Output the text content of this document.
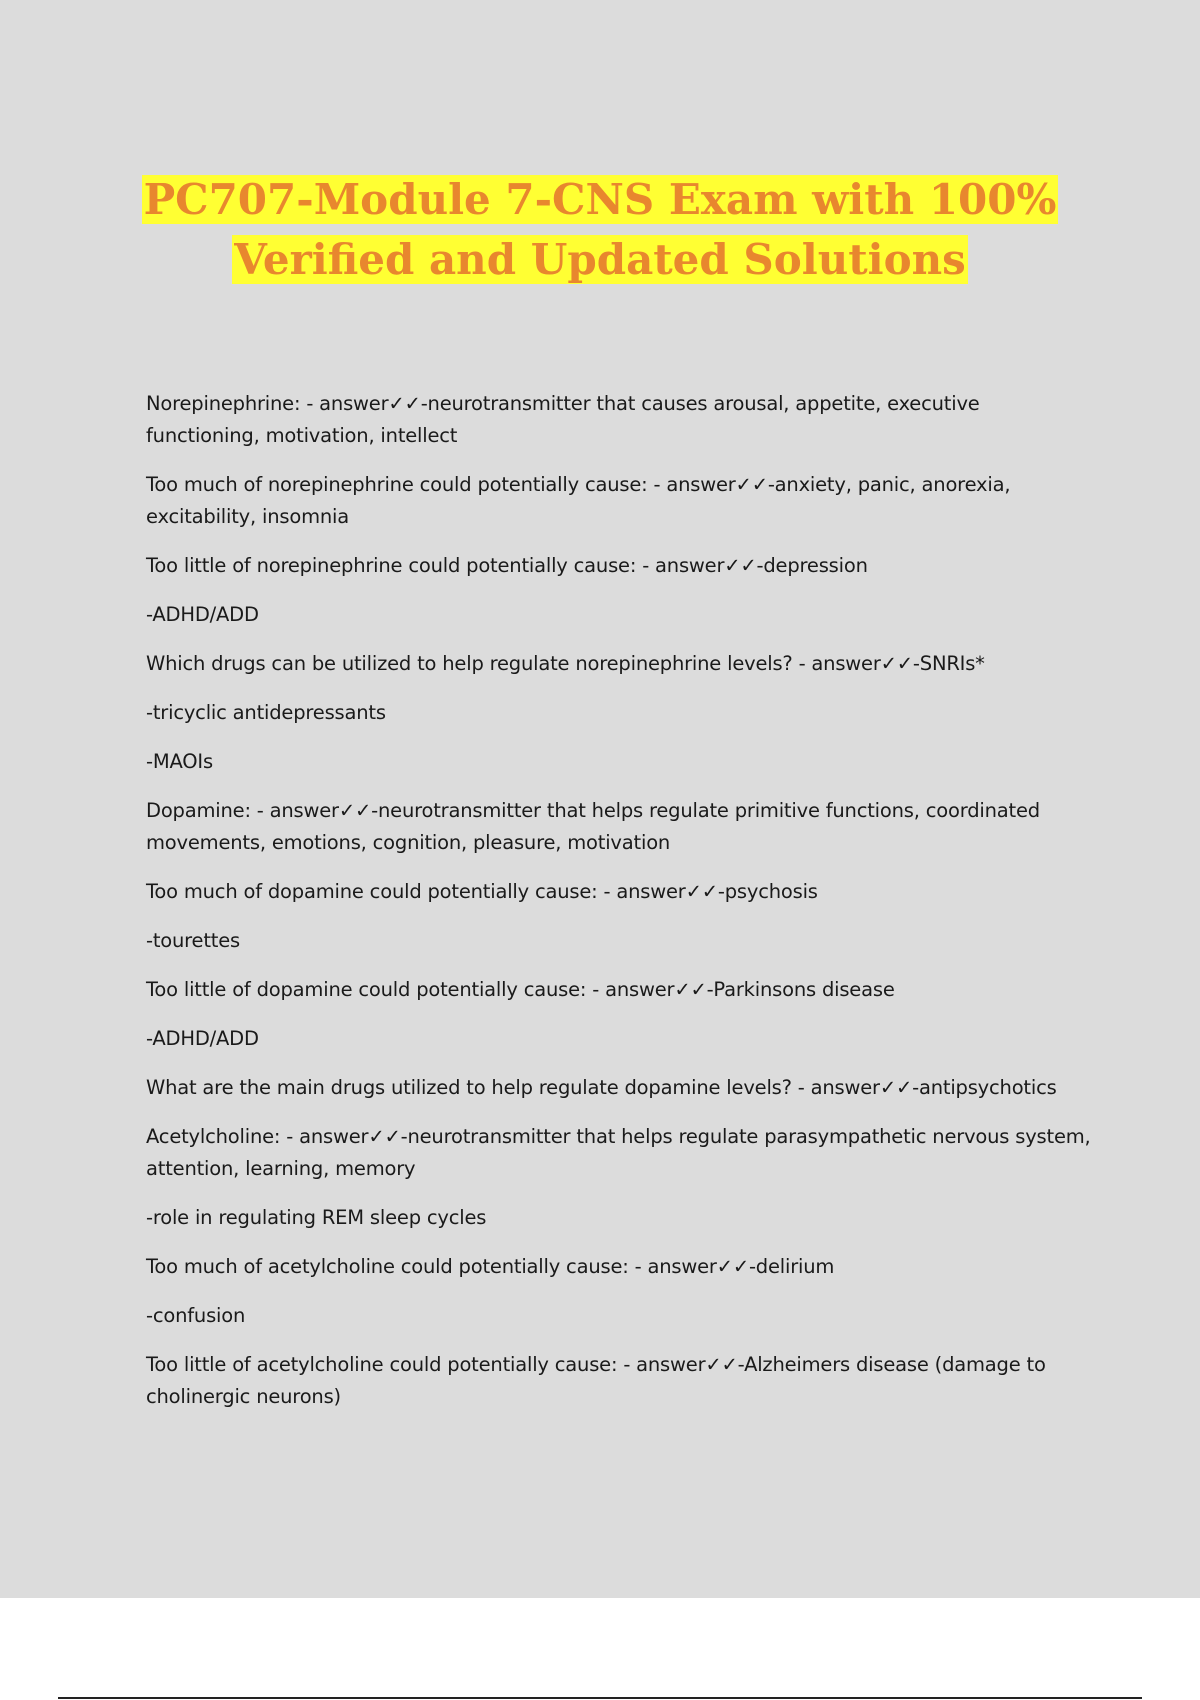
PC707-Module 7-CNS Exam with 100%
Verified and Updated Solutions

Norepinephrine: - answer✓✓-neurotransmitter that causes arousal, appetite, executive functioning, motivation, intellect

Too much of norepinephrine could potentially cause: - answer✓✓-anxiety, panic, anorexia, excitability, insomnia

Too little of norepinephrine could potentially cause: - answer✓✓-depression

-ADHD/ADD

Which drugs can be utilized to help regulate norepinephrine levels? - answer✓✓-SNRIs*

-tricyclic antidepressants

-MAOIs

Dopamine: - answer✓✓-neurotransmitter that helps regulate primitive functions, coordinated movements, emotions, cognition, pleasure, motivation

Too much of dopamine could potentially cause: - answer✓✓-psychosis

-tourettes

Too little of dopamine could potentially cause: - answer✓✓-Parkinsons disease

-ADHD/ADD

What are the main drugs utilized to help regulate dopamine levels? - answer✓✓-antipsychotics

Acetylcholine: - answer✓✓-neurotransmitter that helps regulate parasympathetic nervous system, attention, learning, memory

-role in regulating REM sleep cycles

Too much of acetylcholine could potentially cause: - answer✓✓-delirium

-confusion

Too little of acetylcholine could potentially cause: - answer✓✓-Alzheimers disease (damage to cholinergic neurons)
